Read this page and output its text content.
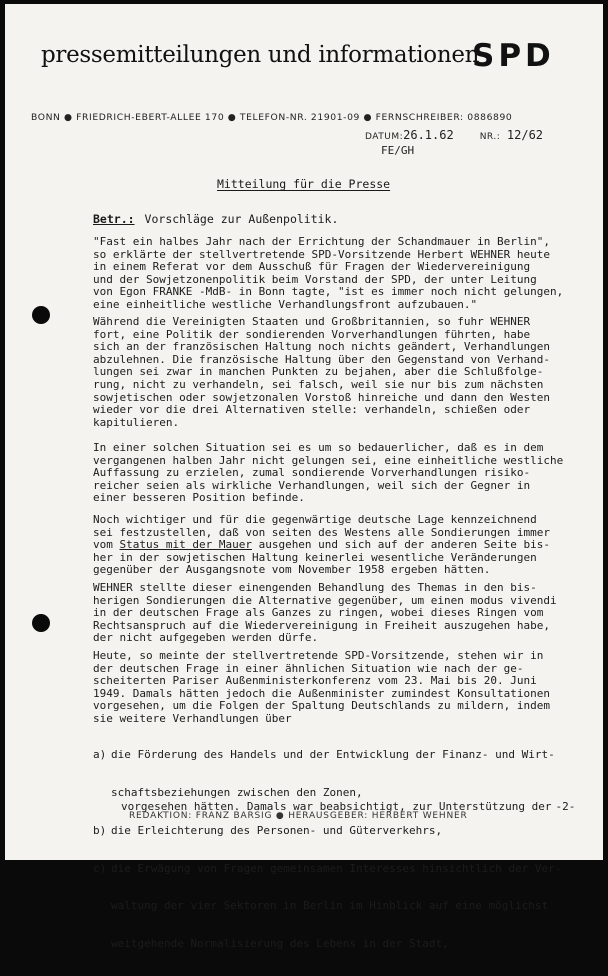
pressemitteilungen und informationen
SPD
BONN ● FRIEDRICH-EBERT-ALLEE 170 ● TELEFON-NR. 21901-09 ● FERNSCHREIBER: 0886890
DATUM:26.1.62	NR.: 12/62
FE/GH
Mitteilung für die Presse
Betr.: Vorschläge zur Außenpolitik.

"Fast ein halbes Jahr nach der Errichtung der Schandmauer in Berlin",
so erklärte der stellvertretende SPD-Vorsitzende Herbert WEHNER heute
in einem Referat vor dem Ausschuß für Fragen der Wiedervereinigung
und der Sowjetzonenpolitik beim Vorstand der SPD, der unter Leitung
von Egon FRANKE -MdB- in Bonn tagte, "ist es immer noch nicht gelungen,
eine einheitliche westliche Verhandlungsfront aufzubauen."

Während die Vereinigten Staaten und Großbritannien, so fuhr WEHNER
fort, eine Politik der sondierenden Vorverhandlungen führten, habe
sich an der französischen Haltung noch nichts geändert, Verhandlungen
abzulehnen. Die französische Haltung über den Gegenstand von Verhand-
lungen sei zwar in manchen Punkten zu bejahen, aber die Schlußfolge-
rung, nicht zu verhandeln, sei falsch, weil sie nur bis zum nächsten
sowjetischen oder sowjetzonalen Vorstoß hinreiche und dann den Westen
wieder vor die drei Alternativen stelle: verhandeln, schießen oder
kapitulieren.

In einer solchen Situation sei es um so bedauerlicher, daß es in dem
vergangenen halben Jahr nicht gelungen sei, eine einheitliche westliche
Auffassung zu erzielen, zumal sondierende Vorverhandlungen risiko-
reicher seien als wirkliche Verhandlungen, weil sich der Gegner in
einer besseren Position befinde.

Noch wichtiger und für die gegenwärtige deutsche Lage kennzeichnend
sei festzustellen, daß von seiten des Westens alle Sondierungen immer
vom Status mit der Mauer ausgehen und sich auf der anderen Seite bis-
her in der sowjetischen Haltung keinerlei wesentliche Veränderungen
gegenüber der Ausgangsnote vom November 1958 ergeben hätten.

WEHNER stellte dieser einengenden Behandlung des Themas in den bis-
herigen Sondierungen die Alternative gegenüber, um einen modus vivendi
in der deutschen Frage als Ganzes zu ringen, wobei dieses Ringen vom
Rechtsanspruch auf die Wiedervereinigung in Freiheit auszugehen habe,
der nicht aufgegeben werden dürfe.

Heute, so meinte der stellvertretende SPD-Vorsitzende, stehen wir in
der deutschen Frage in einer ähnlichen Situation wie nach der ge-
scheiterten Pariser Außenministerkonferenz vom 23. Mai bis 20. Juni
1949. Damals hätten jedoch die Außenminister zumindest Konsultationen
vorgesehen, um die Folgen der Spaltung Deutschlands zu mildern, indem
sie weitere Verhandlungen über

a) die Förderung des Handels und der Entwicklung der Finanz- und Wirt-

schaftsbeziehungen zwischen den Zonen,

b) die Erleichterung des Personen- und Güterverkehrs,

c) die Erwägung von Fragen gemeinsamen Interesses hinsichtlich der Ver-

waltung der vier Sektoren in Berlin im Hinblick auf eine möglichst

weitgehende Normalisierung des Lebens in der Stadt,

vorgesehen hätten. Damals war beabsichtigt, zur Unterstützung der -2-
REDAKTION: FRANZ BARSIG ● HERAUSGEBER: HERBERT WEHNER
